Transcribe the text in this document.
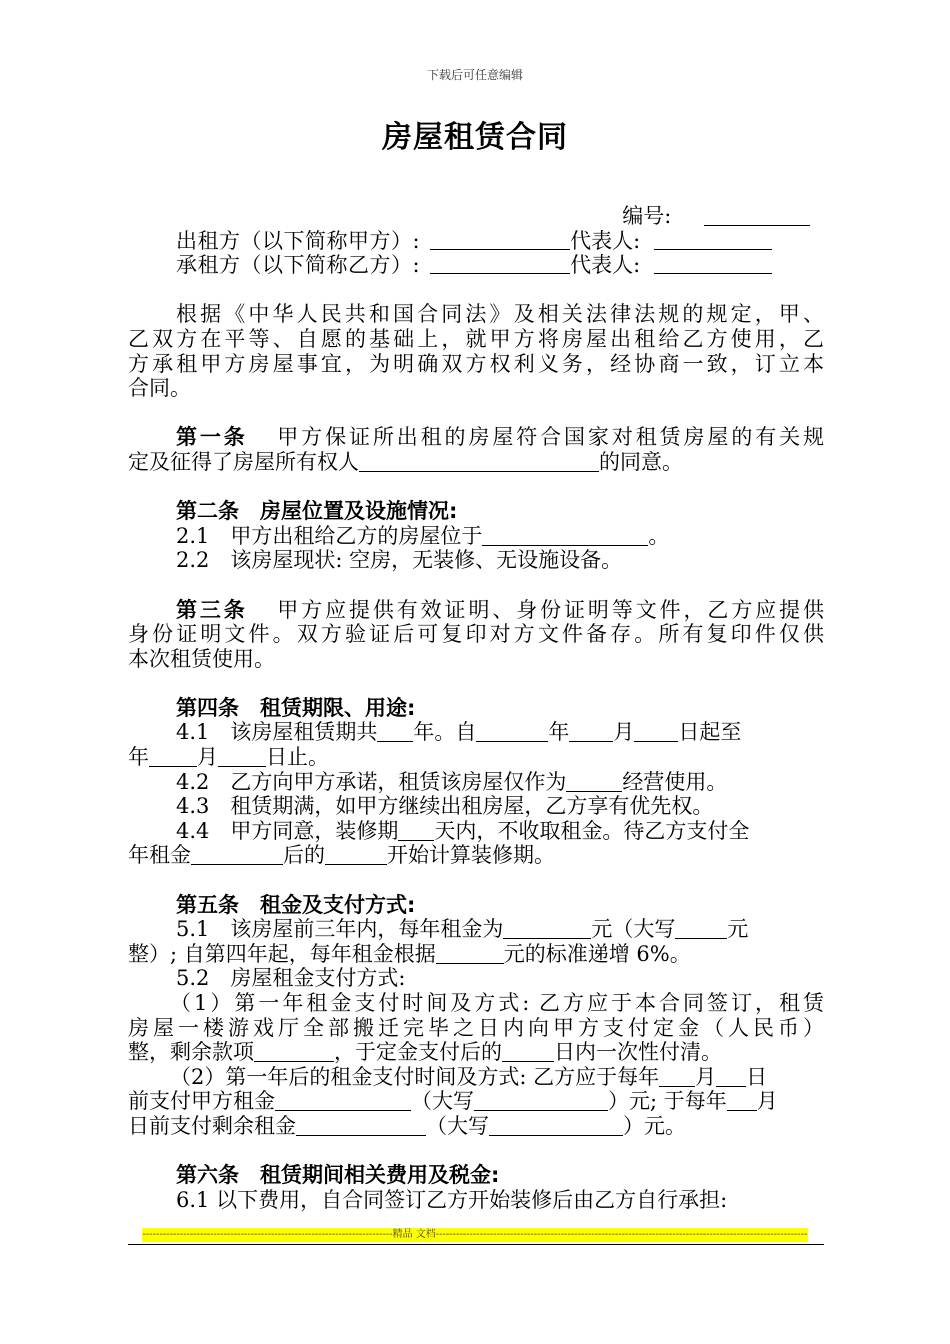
下载后可任意编辑
房屋租赁合同
编号:
出租方（以下简称甲方）:	代表人:
承租方（以下简称乙方）:	代表人:
根据《中华人民共和国合同法》及相关法律法规的规定，甲、
乙双方在平等、自愿的基础上，就甲方将房屋出租给乙方使用，乙
方承租甲方房屋事宜，为明确双方权利义务，经协商一致，订立本
合同。
第一条 甲方保证所出租的房屋符合国家对租赁房屋的有关规
定及征得了房屋所有权人	的同意。
第二条　房屋位置及设施情况:
2.1　甲方出租给乙方的房屋位于	。
2.2　该房屋现状: 空房，无装修、无设施设备。
第三条 甲方应提供有效证明、身份证明等文件，乙方应提供
身份证明文件。双方验证后可复印对方文件备存。所有复印件仅供
本次租赁使用。
第四条　租赁期限、用途:
4.1　该房屋租赁期共 年。自	年 月 日起至
年 月 日止。
4.2　乙方向甲方承诺，租赁该房屋仅作为	经营使用。
4.3　租赁期满，如甲方继续出租房屋，乙方享有优先权。
4.4　甲方同意，装修期 天内，不收取租金。待乙方支付全
年租金	后的	开始计算装修期。
第五条　租金及支付方式:
5.1　该房屋前三年内，每年租金为	元（大写 元
整）; 自第四年起，每年租金根据	元的标准递增 6%。
5.2　房屋租金支付方式:
（1）第一年租金支付时间及方式: 乙方应于本合同签订，租赁
房屋一楼游戏厅全部搬迁完毕之日内向甲方支付定金（人民币）
整，剩余款项	，于定金支付后的 日内一次性付清。
（2）第一年后的租金支付时间及方式: 乙方应于每年 月 日
前支付甲方租金	（大写	）元; 于每年 月
日前支付剩余租金	（大写	）元。
第六条　租赁期间相关费用及税金:
6.1 以下费用，自合同签订乙方开始装修后由乙方自行承担:
--------------------------------------------------------------------------精品 文档--------------------------------------------------------------------------------------------------------------
